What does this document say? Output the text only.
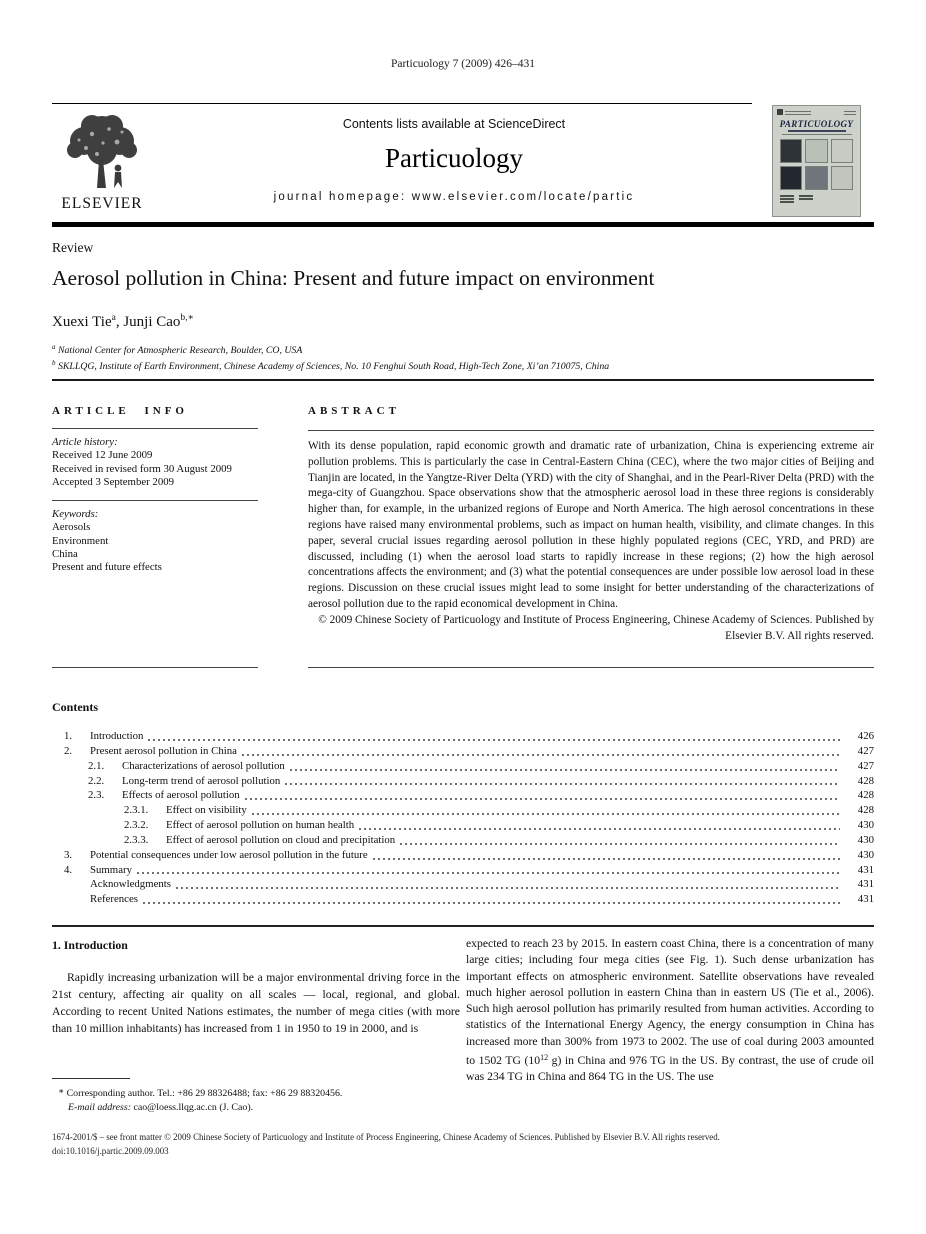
Particuology 7 (2009) 426–431
ELSEVIER
Contents lists available at ScienceDirect
Particuology
journal homepage: www.elsevier.com/locate/partic
PARTICUOLOGY
Review
Aerosol pollution in China: Present and future impact on environment
Xuexi Tie$^a$, Junji Cao$^{b,∗}$
$^a$ National Center for Atmospheric Research, Boulder, CO, USA
$^b$ SKLLQG, Institute of Earth Environment, Chinese Academy of Sciences, No. 10 Fenghui South Road, High-Tech Zone, Xi’an 710075, China
ARTICLE INFO
Article history:
Received 12 June 2009
Received in revised form 30 August 2009
Accepted 3 September 2009
Keywords:
Aerosols
Environment
China
Present and future effects
ABSTRACT
With its dense population, rapid economic growth and dramatic rate of urbanization, China is experiencing extreme air pollution problems. This is particularly the case in Central-Eastern China (CEC), where the two major cities of Beijing and Tianjin are located, in the Yangtze-River Delta (YRD) with the city of Shanghai, and in the Pearl-River Delta (PRD) with the mega-city of Guangzhou. Space observations show that the atmospheric aerosol load in these three regions is considerably higher than, for example, in the urbanized regions of Europe and North America. The high aerosol concentrations in these regions have raised many environmental problems, such as impact on human health, visibility, and climate changes. In this paper, several crucial issues regarding aerosol pollution in these highly populated regions (CEC, YRD, and PRD) are discussed, including (1) when the aerosol load starts to rapidly increase in these regions; (2) how the high aerosol concentrations affects the environment; and (3) what the potential consequences are under possible low aerosol load in these regions. Discussion on these crucial issues might lead to some insight for better understanding of the characterizations of aerosol pollution due to the rapid economical development in China.
© 2009 Chinese Society of Particuology and Institute of Process Engineering, Chinese Academy of Sciences. Published by Elsevier B.V. All rights reserved.
Contents
1.	Introduction	426
2.	Present aerosol pollution in China	427
2.1.	Characterizations of aerosol pollution	427
2.2.	Long-term trend of aerosol pollution	428
2.3.	Effects of aerosol pollution	428
2.3.1.	Effect on visibility	428
2.3.2.	Effect of aerosol pollution on human health	430
2.3.3.	Effect of aerosol pollution on cloud and precipitation	430
3.	Potential consequences under low aerosol pollution in the future	430
4.	Summary	431
Acknowledgments	431
References	431
1. Introduction
Rapidly increasing urbanization will be a major environmental driving force in the 21st century, affecting air quality on all scales — local, regional, and global. According to recent United Nations estimates, the number of mega cities (with more than 10 million inhabitants) has increased from 1 in 1950 to 19 in 2000, and is
expected to reach 23 by 2015. In eastern coast China, there is a concentration of many large cities; including four mega cities (see Fig. 1). Such dense urbanization has important effects on atmospheric environment. Satellite observations have revealed much higher aerosol pollution in eastern China than in eastern US (Tie et al., 2006). Such high aerosol pollution has primarily resulted from human activities. According to statistics of the International Energy Agency, the energy consumption in China has increased more than 300% from 1973 to 2002. The use of coal during 2003 amounted to 1502 TG ($10^{12}$ g) in China and 976 TG in the US. By contrast, the use of crude oil was 234 TG in China and 864 TG in the US. The use
∗ Corresponding author. Tel.: +86 29 88326488; fax: +86 29 88320456.
E-mail address: cao@loess.llqg.ac.cn (J. Cao).
1674-2001/$ – see front matter © 2009 Chinese Society of Particuology and Institute of Process Engineering, Chinese Academy of Sciences. Published by Elsevier B.V. All rights reserved.
doi:10.1016/j.partic.2009.09.003
